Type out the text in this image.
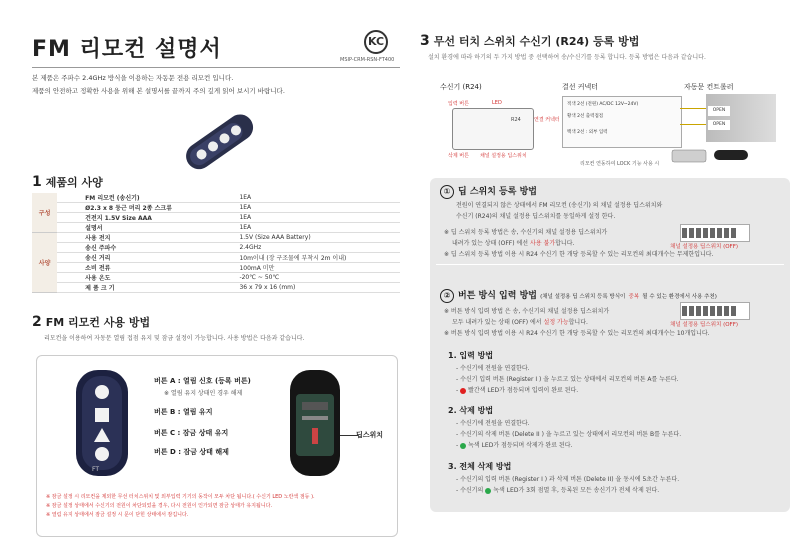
FM 리모컨 설명서	KC
MSIP-CRM-RSN-FT400
본 제품은 주파수 2.4GHz 방식을 이용하는 자동문 전용 리모컨 입니다.
제품의 안전하고 정확한 사용을 위해 본 설명서를 끝까지 주의 깊게 읽어 보시기 바랍니다.
1 제품의 사양
구성	FM 리모컨 (송신기)	1EA
	Ø2.3 x 8 둥근 머리 2종 스크류	1EA
	건전지 1.5V Size AAA	1EA
	설명서	1EA
사양	사용 전지	1.5V (Size AAA Battery)
	송신 주파수	2.4GHz
	송신 거리	10m이내 (장 구조물에 부착시 2m 이내)
	소비 전류	100mA 미만
	사용 온도	-20℃ ~ 50℃
	제 품 크 기	36 x 79 x 16 (mm)
2 FM 리모컨 사용 방법
리모컨을 이용하여 자동문 열림 접점 유지 및 잠금 설정이 가능합니다. 사용 방법은 다음과 같습니다.
FT
버튼 A : 열림 신호 (등록 버튼)
※ 열림 유지 상태인 경우 해제
버튼 B : 열림 유지
버튼 C : 잠금 상태 유지
버튼 D : 잠금 상태 해제
딥스위치
※ 잠금 설정 시 리모컨을 제외한 무선 터치스위치 및 외부입력 기기의 동작이 모두 차단 됩니다.( 수신기 LED 노란색 점등 ).
※ 잠금 설정 상태에서 수신기의 전원이 차단되었을 경우, 다시 전원이 인가되면 잠금 상태가 유지됩니다.
※ 열림 유지 상태에서 잠금 설정 시 문이 닫힌 상태에서 잠깁니다.
3 무선 터치 스위치 수신기 (R24) 등록 방법
설치 환경에 따라 하기의 두 가지 방법 중 선택하여 송/수신기를 등록 합니다. 등록 방법은 다음과 같습니다.
수신기 (R24)	결선 커넥터	자동문 컨트롤러
입력 버튼	LED
R24	연결 커넥터
삭제 버튼 채널 설정용 딥스위치
적색 2선 (전원) AC/DC 12V~24V)
황색 2선 출력접점
백색 2선 : 외부 입력
OPEN
OPEN
리모컨 연동하여 LOCK 기능 사용 시
① 딥 스위치 등록 방법
전원이 연결되지 않은 상태에서 FM 리모컨 (송신기) 의 채널 설정용 딥스위치와
수신기 (R24)의 채널 설정용 딥스위치를 동일하게 설정 한다.
※ 딥 스위치 등록 방법은 송, 수신기의 채널 설정용 딥스위치가
내려가 있는 상태 (OFF) 에선 사용 불가합니다.	채널 설정용 딥스위치 (OFF)
※ 딥 스위치 등록 방법 이용 시 R24 수신기 한 개당 등록할 수 있는 리모컨의 최대개수는 무제한입니다.
② 버튼 방식 입력 방법 (채널 설정용 딥 스위치 등록 방식이 중복 될 수 있는 환경에서 사용 추천)
※ 버튼 방식 입력 방법 은 송, 수신기의 채널 설정용 딥스위치가
모두 내려가 있는 상태 (OFF) 에서 설정 가능합니다.	채널 설정용 딥스위치 (OFF)
※ 버튼 방식 입력 방법 이용 시 R24 수신기 한 개당 등록할 수 있는 리모컨의 최대개수는 10개입니다.
1. 입력 방법
- 수신기에 전원을 연결한다.
- 수신기 입력 버튼 (Register I ) 을 누르고 있는 상태에서 리모컨의 버튼 A를 누른다.
- 빨간색 LED가 점등되며 입력이 완료 된다.
2. 삭제 방법
- 수신기에 전원을 연결한다.
- 수신기의 삭제 버튼 (Delete II ) 을 누르고 있는 상태에서 리모컨의 버튼 B를 누른다.
- 녹색 LED가 점등되며 삭제가 완료 된다.
3. 전체 삭제 방법
- 수신기의 입력 버튼 (Register I ) 과 삭제 버튼 (Delete II) 을 동시에 5초간 누른다.
- 수신기의 녹색 LED가 3회 점멸 후, 등록된 모든 송신기가 전체 삭제 된다.
